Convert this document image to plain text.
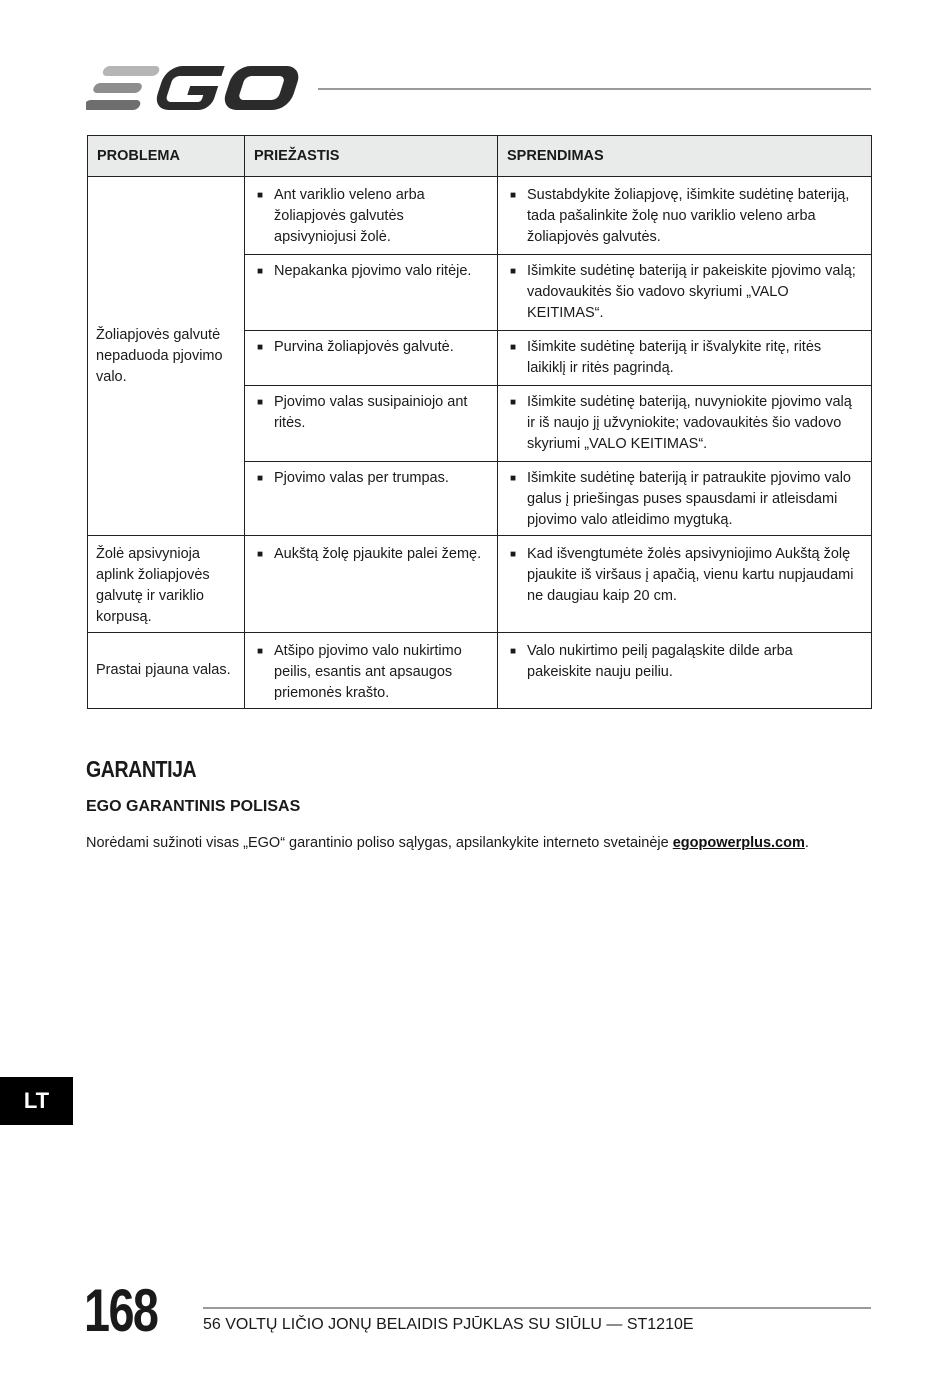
PROBLEMA	PRIEŽASTIS	SPRENDIMAS
Žoliapjovės galvutė nepaduoda pjovimo valo.	■ Ant variklio veleno arba žoliapjovės galvutės apsivyniojusi žolė.	■ Sustabdykite žoliapjovę, išimkite sudėtinę bateriją, tada pašalinkite žolę nuo variklio veleno arba žoliapjovės galvutės.

	■ Nepakanka pjovimo valo ritėje.	■ Išimkite sudėtinę bateriją ir pakeiskite pjovimo valą; vadovaukitės šio vadovo skyriumi „VALO KEITIMAS“.

	■ Purvina žoliapjovės galvutė.	■ Išimkite sudėtinę bateriją ir išvalykite ritę, ritės laikiklį ir ritės pagrindą.

	■ Pjovimo valas susipainiojo ant ritės.	■ Išimkite sudėtinę bateriją, nuvyniokite pjovimo valą ir iš naujo jį užvyniokite; vadovaukitės šio vadovo skyriumi „VALO KEITIMAS“.

	■ Pjovimo valas per trumpas.	■ Išimkite sudėtinę bateriją ir patraukite pjovimo valo galus į priešingas puses spausdami ir atleisdami pjovimo valo atleidimo mygtuką.

Žolė apsivynioja aplink žoliapjovės galvutę ir variklio korpusą.	■ Aukštą žolę pjaukite palei žemę.	■ Kad išvengtumėte žolės apsivyniojimo Aukštą žolę pjaukite iš viršaus į apačią, vienu kartu nupjaudami ne daugiau kaip 20 cm.

Prastai pjauna valas.	■ Atšipo pjovimo valo nukirtimo peilis, esantis ant apsaugos priemonės krašto.	■ Valo nukirtimo peilį pagaląskite dilde arba pakeiskite nauju peiliu.
GARANTIJA
EGO GARANTINIS POLISAS

Norėdami sužinoti visas „EGO“ garantinio poliso sąlygas, apsilankykite interneto svetainėje egopowerplus.com.

LT

168	56 VOLTŲ LIČIO JONŲ BELAIDIS PJŪKLAS SU SIŪLU — ST1210E
